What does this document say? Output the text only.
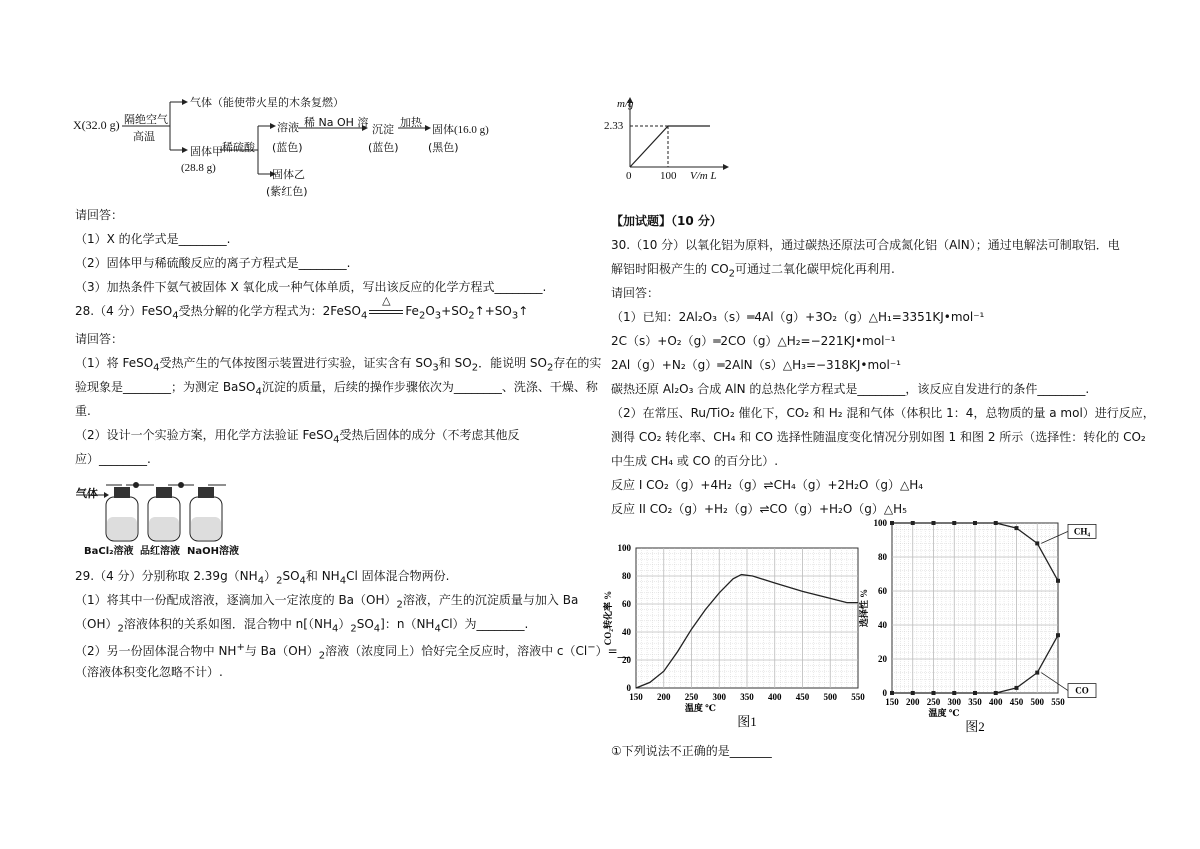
X(32.0 g) 隔绝空气
高温
气体（能使带火星的木条复燃）
固体甲
(28.8 g)
稀硫酸
溶液
(蓝色)
稀 Na OH 溶
沉淀
(蓝色)
加热
固体(16.0 g)
(黑色)
固体乙
(紫红色)
请回答：
（1）X 的化学式是________.
（2）固体甲与稀硫酸反应的离子方程式是________.
（3）加热条件下氨气被固体 X 氧化成一种气体单质，写出该反应的化学方程式________.
28.（4 分）FeSO$_4$受热分解的化学方程式为：2FeSO$_4$
△
$Fe_2O_3+SO_2↑+SO_3↑$
请回答：
（1）将 FeSO$_4$受热产生的气体按图示装置进行实验，证实含有 $SO_3$和 $SO_2$．能说明 $SO_2$存在的实
验现象是________；为测定 BaSO$_4$沉淀的质量，后续的操作步骤依次为________、洗涤、干燥、称
重.
（2）设计一个实验方案，用化学方法验证 FeSO$_4$受热后固体的成分（不考虑其他反
应）________.
气体
BaCl₂溶液 品红溶液 NaOH溶液
29.（4 分）分别称取 $2.39g(NH_4)_2SO_4$和 $NH_4Cl$ 固体混合物两份.
（1）将其中一份配成溶液，逐滴加入一定浓度的 $Ba(OH)_2$溶液，产生的沉淀质量与加入 Ba
$(OH)_2$溶液体积的关系如图．混合物中 $n[(NH_4)_2SO_4]$：$n(NH_4Cl)$为________.
（2）另一份固体混合物中 NH+与 $Ba(OH)_2$溶液（浓度同上）恰好完全反应时，溶液中 c（Cl−）=__
（溶液体积变化忽略不计）.
m/g
2.33
0	100 V/m L
【加试题】（10 分）
30.（10 分）以氧化铝为原料，通过碳热还原法可合成氮化铝（AlN）；通过电解法可制取铝．电
解铝时阳极产生的 $CO_2$可通过二氧化碳甲烷化再利用.
请回答：
（1）已知：2Al₂O₃（s）═4Al（g）+3O₂（g）△H₁=3351KJ•mol⁻¹
2C（s）+O₂（g）═2CO（g）△H₂=−221KJ•mol⁻¹
2Al（g）+N₂（g）═2AlN（s）△H₃=−318KJ•mol⁻¹
碳热还原 Al₂O₃ 合成 AlN 的总热化学方程式是________，该反应自发进行的条件________.
（2）在常压、Ru/TiO₂ 催化下，CO₂ 和 H₂ 混和气体（体积比 1：4，总物质的量 a mol）进行反应，
测得 CO₂ 转化率、CH₄ 和 CO 选择性随温度变化情况分别如图 1 和图 2 所示（选择性：转化的 CO₂
中生成 CH₄ 或 CO 的百分比）.
反应 I CO₂（g）+4H₂（g）⇌CH₄（g）+2H₂O（g）△H₄
反应 II CO₂（g）+H₂（g）⇌CO（g）+H₂O（g）△H₅
①下列说法不正确的是_______
150 200 250 300 350 400 450 500 550
0
20
40
60
80
100
温度 ℃
CO₂转化率 %
图1
150 200 250 300 350 400 450 500 550
0
20
40
60
80
100
温度 ℃
选择性 %
图2
CH₄
CO
